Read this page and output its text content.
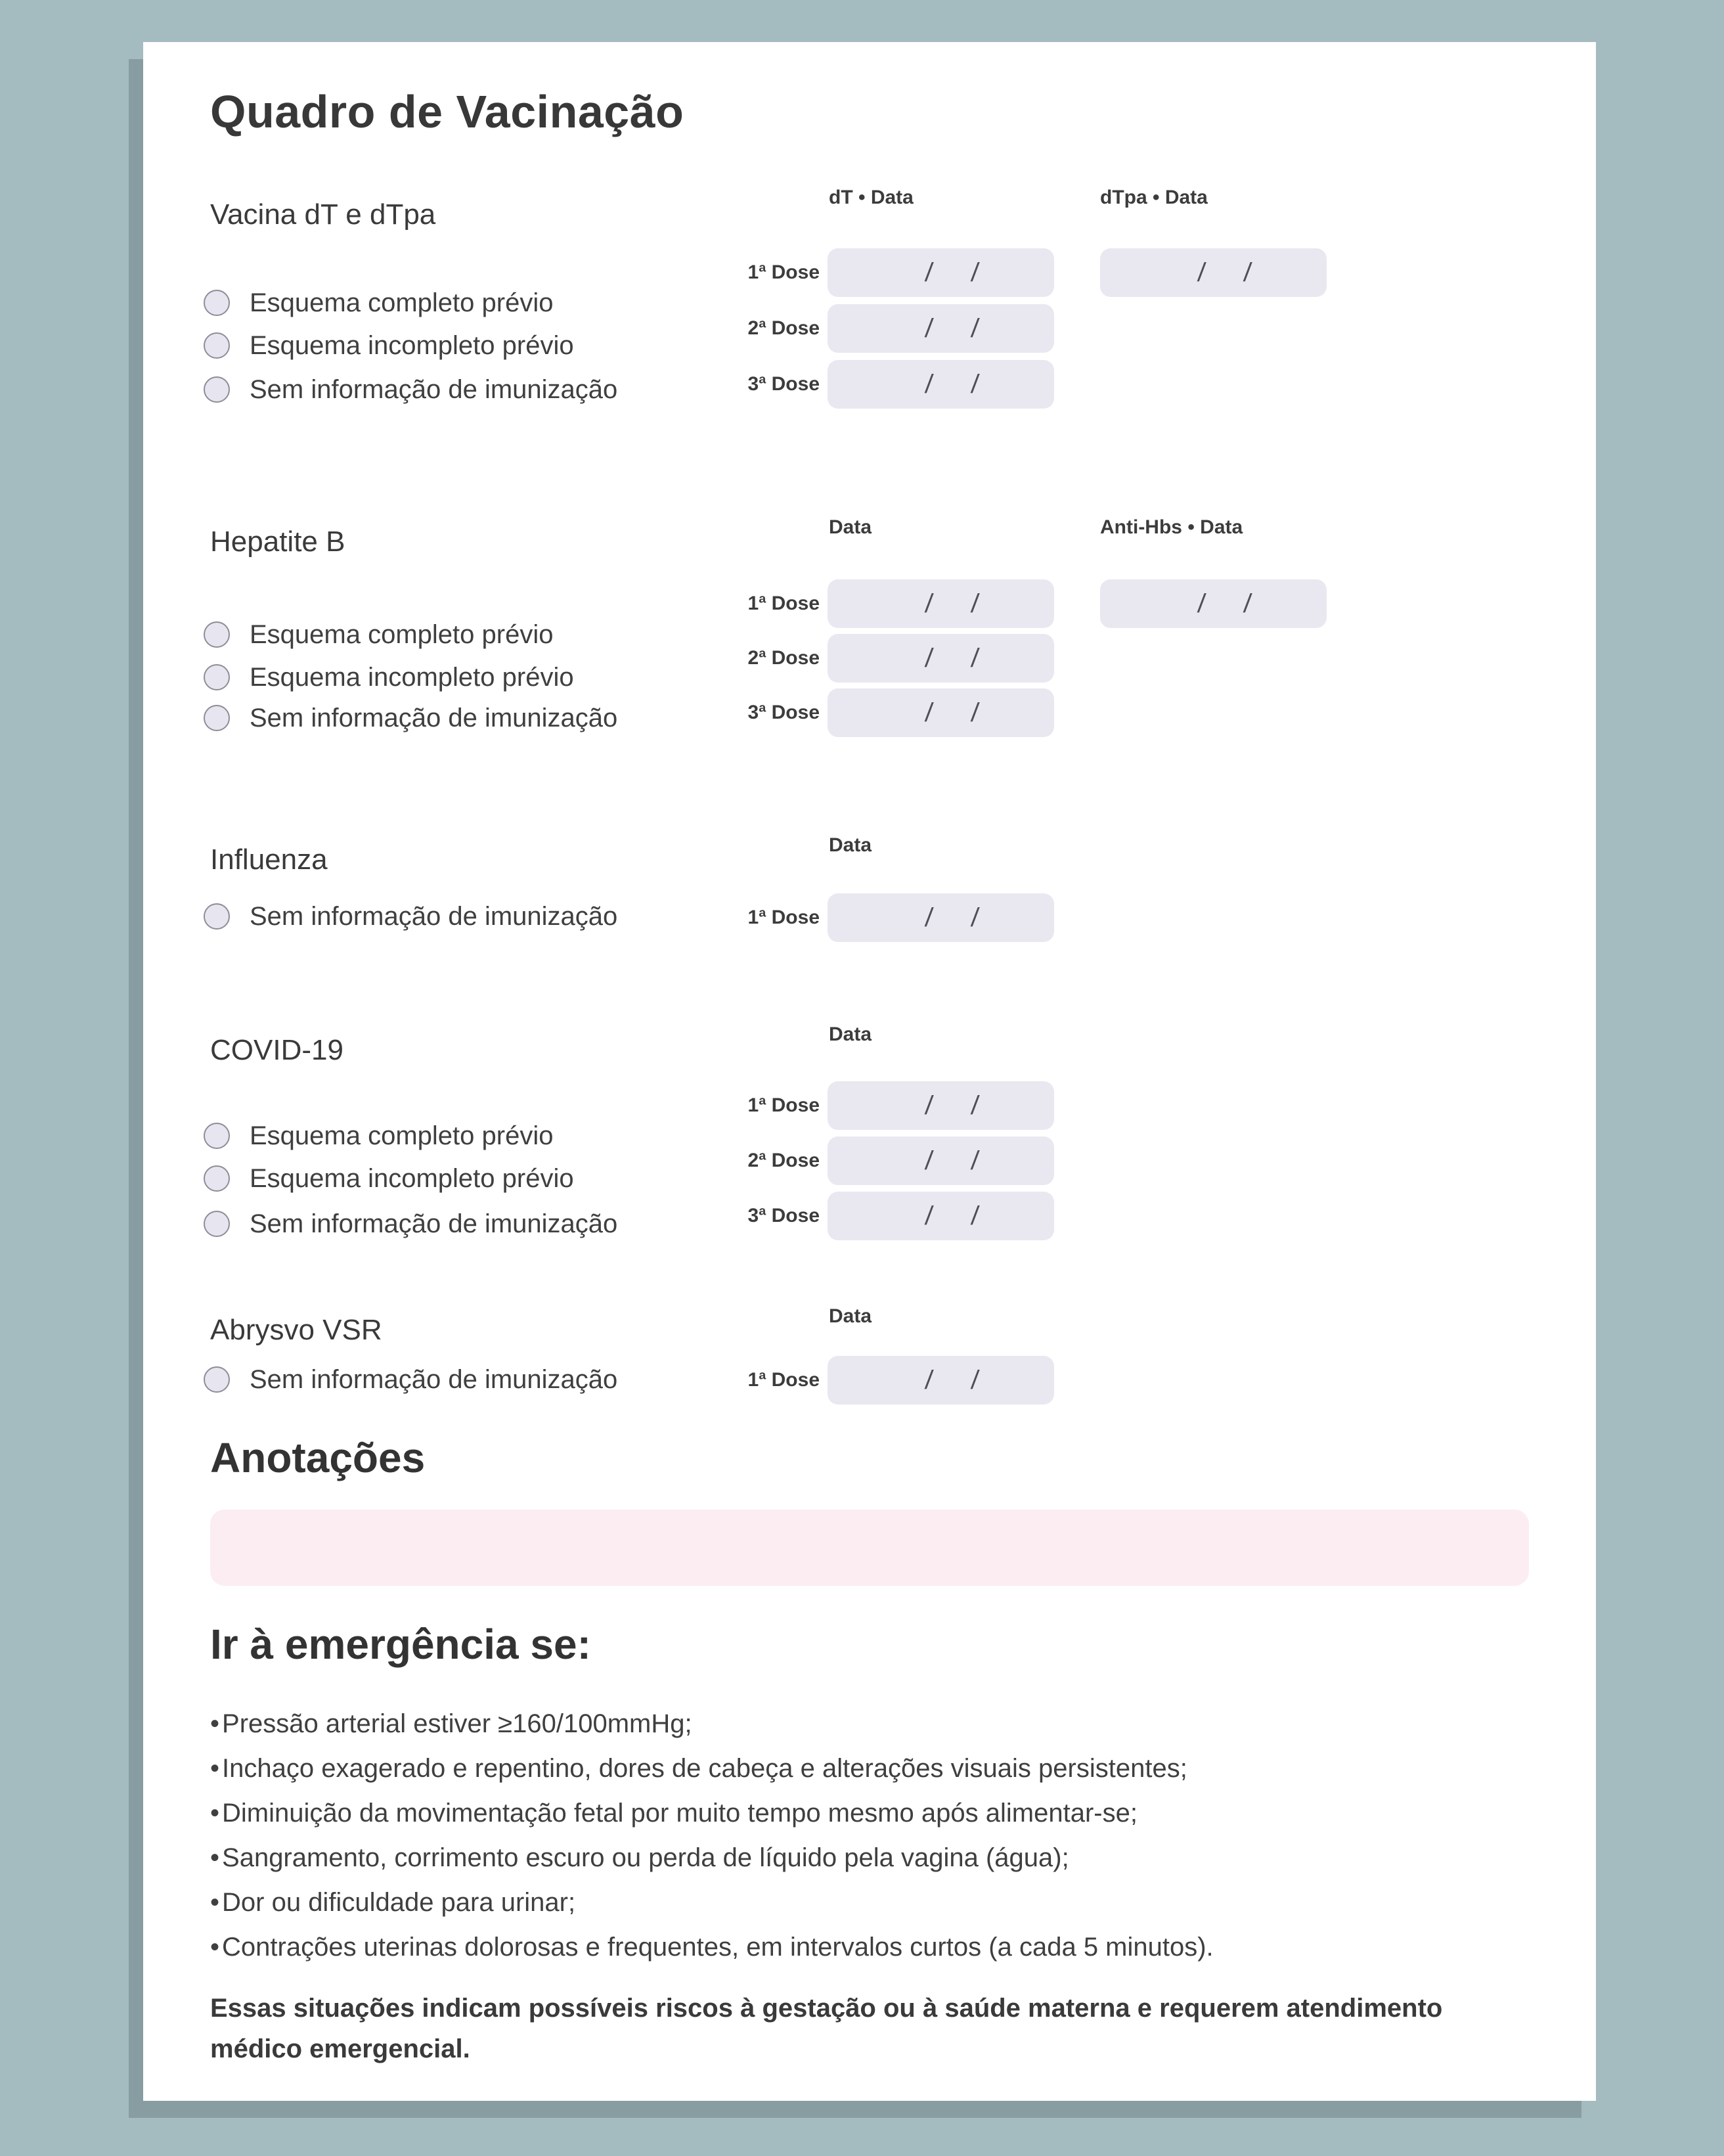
Quadro de Vacinação
dT • Data	dTpa • Data
Vacina dT e dTpa
Esquema completo prévio
Esquema incompleto prévio
Sem informação de imunização
1ª Dose	/ /	/ /
2ª Dose	/ /
3ª Dose	/ /
Data	Anti-Hbs • Data
Hepatite B
Esquema completo prévio
Esquema incompleto prévio
Sem informação de imunização
1ª Dose	/ /	/ /
2ª Dose	/ /
3ª Dose	/ /
Data
Influenza
Sem informação de imunização	1ª Dose	/ /
Data
COVID-19
Esquema completo prévio
Esquema incompleto prévio
Sem informação de imunização
1ª Dose	/ /
2ª Dose	/ /
3ª Dose	/ /
Data
Abrysvo VSR
Sem informação de imunização	1ª Dose	/ /
Anotações
Ir à emergência se:
• Pressão arterial estiver ≥160/100mmHg;
• Inchaço exagerado e repentino, dores de cabeça e alterações visuais persistentes;
• Diminuição da movimentação fetal por muito tempo mesmo após alimentar-se;
• Sangramento, corrimento escuro ou perda de líquido pela vagina (água);
• Dor ou dificuldade para urinar;
• Contrações uterinas dolorosas e frequentes, em intervalos curtos (a cada 5 minutos).

Essas situações indicam possíveis riscos à gestação ou à saúde materna e requerem atendimento médico emergencial.
